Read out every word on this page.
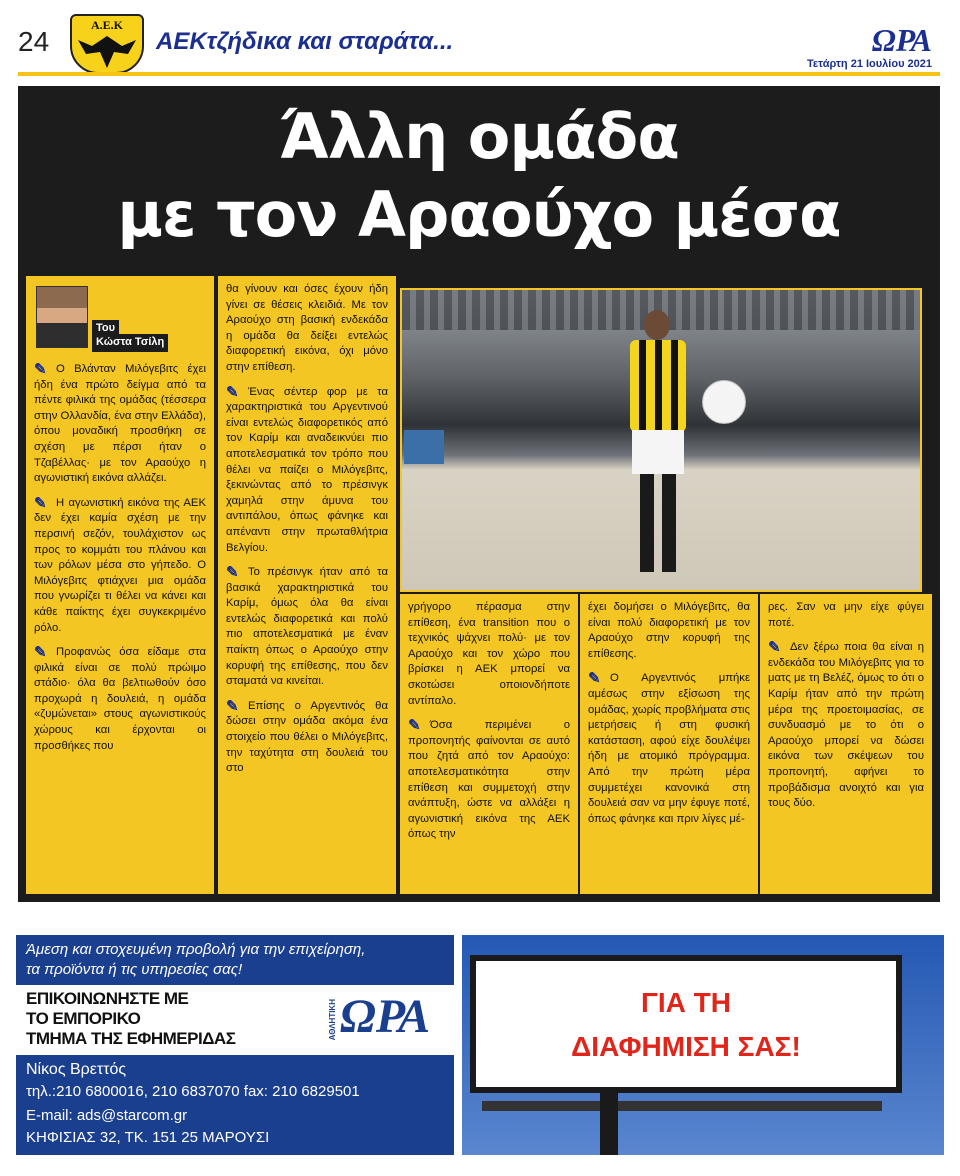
24
Α.Ε.Κ
ΑΕΚτζήδικα και σταράτα...	ΩΡΑ
Τετάρτη 21 Ιουλίου 2021
Άλλη ομάδα
με τον Αραούχο μέσα
Του
Κώστα Τσίλη

✎ Ο Βλάνταν Μιλόγεβιτς έχει ήδη ένα πρώτο δείγμα από τα πέντε φιλικά της ομάδας (τέσσερα στην Ολλανδία, ένα στην Ελλάδα), όπου μοναδική προσθήκη σε σχέση με πέρσι ήταν ο Τζαβέλλας· με τον Αραούχο η αγωνιστική εικόνα αλλάζει.

✎ Η αγωνιστική εικόνα της ΑΕΚ δεν έχει καμία σχέση με την περσινή σεζόν, τουλάχιστον ως προς το κομμάτι του πλάνου και των ρόλων μέσα στο γήπεδο. Ο Μιλόγεβιτς φτιάχνει μια ομάδα που γνωρίζει τι θέλει να κάνει και κάθε παίκτης έχει συγκεκριμένο ρόλο.

✎ Προφανώς όσα είδαμε στα φιλικά είναι σε πολύ πρώιμο στάδιο· όλα θα βελτιωθούν όσο προχωρά η δουλειά, η ομάδα «ζυμώνεται» στους αγωνιστικούς χώρους και έρχονται οι προσθήκες που

θα γίνουν και όσες έχουν ήδη γίνει σε θέσεις κλειδιά. Με τον Αραούχο στη βασική ενδεκάδα η ομάδα θα δείξει εντελώς διαφορετική εικόνα, όχι μόνο στην επίθεση.

✎ Ένας σέντερ φορ με τα χαρακτηριστικά του Αργεντινού είναι εντελώς διαφορετικός από τον Καρίμ και αναδεικνύει πιο αποτελεσματικά τον τρόπο που θέλει να παίζει ο Μιλόγεβιτς, ξεκινώντας από το πρέσινγκ χαμηλά στην άμυνα του αντιπάλου, όπως φάνηκε και απέναντι στην πρωταθλήτρια Βελγίου.

✎ Το πρέσινγκ ήταν από τα βασικά χαρακτηριστικά του Καρίμ, όμως όλα θα είναι εντελώς διαφορετικά και πολύ πιο αποτελεσματικά με έναν παίκτη όπως ο Αραούχο στην κορυφή της επίθεσης, που δεν σταματά να κινείται.

✎ Επίσης ο Αργεντινός θα δώσει στην ομάδα ακόμα ένα στοιχείο που θέλει ο Μιλόγεβιτς, την ταχύτητα στη δουλειά του στο

γρήγορο πέρασμα στην επίθεση, ένα transition που ο τεχνικός ψάχνει πολύ· με τον Αραούχο και τον χώρο που βρίσκει η ΑΕΚ μπορεί να σκοτώσει οποιονδήποτε αντίπαλο.

✎ Όσα περιμένει ο προπονητής φαίνονται σε αυτό που ζητά από τον Αραούχο: αποτελεσματικότητα στην επίθεση και συμμετοχή στην ανάπτυξη, ώστε να αλλάξει η αγωνιστική εικόνα της ΑΕΚ όπως την

έχει δομήσει ο Μιλόγεβιτς, θα είναι πολύ διαφορετική με τον Αραούχο στην κορυφή της επίθεσης.

✎ Ο Αργεντινός μπήκε αμέσως στην εξίσωση της ομάδας, χωρίς προβλήματα στις μετρήσεις ή στη φυσική κατάσταση, αφού είχε δουλέψει ήδη με ατομικό πρόγραμμα. Από την πρώτη μέρα συμμετέχει κανονικά στη δουλειά σαν να μην έφυγε ποτέ, όπως φάνηκε και πριν λίγες μέ-

ρες. Σαν να μην είχε φύγει ποτέ.

✎ Δεν ξέρω ποια θα είναι η ενδεκάδα του Μιλόγεβιτς για το ματς με τη Βελέζ, όμως το ότι ο Καρίμ ήταν από την πρώτη μέρα της προετοιμασίας, σε συνδυασμό με το ότι ο Αραούχο μπορεί να δώσει εικόνα των σκέψεων του προπονητή, αφήνει το προβάδισμα ανοιχτό και για τους δύο.

Άμεση και στοχευμένη προβολή για την επιχείρηση,
τα προϊόντα ή τις υπηρεσίες σας!
ΕΠΙΚΟΙΝΩΝΗΣΤΕ ΜΕ
ΤΟ ΕΜΠΟΡΙΚΟ
ΤΜΗΜΑ ΤΗΣ ΕΦΗΜΕΡΙΔΑΣ	ΑΘΛΗΤΙΚΗ ΩΡΑ
Νίκος Βρεττός
τηλ.:210 6800016, 210 6837070 fax: 210 6829501
E-mail: ads@starcom.gr
ΚΗΦΙΣΙΑΣ 32, ΤΚ. 151 25 ΜΑΡΟΥΣΙ
ΓΙΑ ΤΗ
ΔΙΑΦΗΜΙΣΗ ΣΑΣ!
